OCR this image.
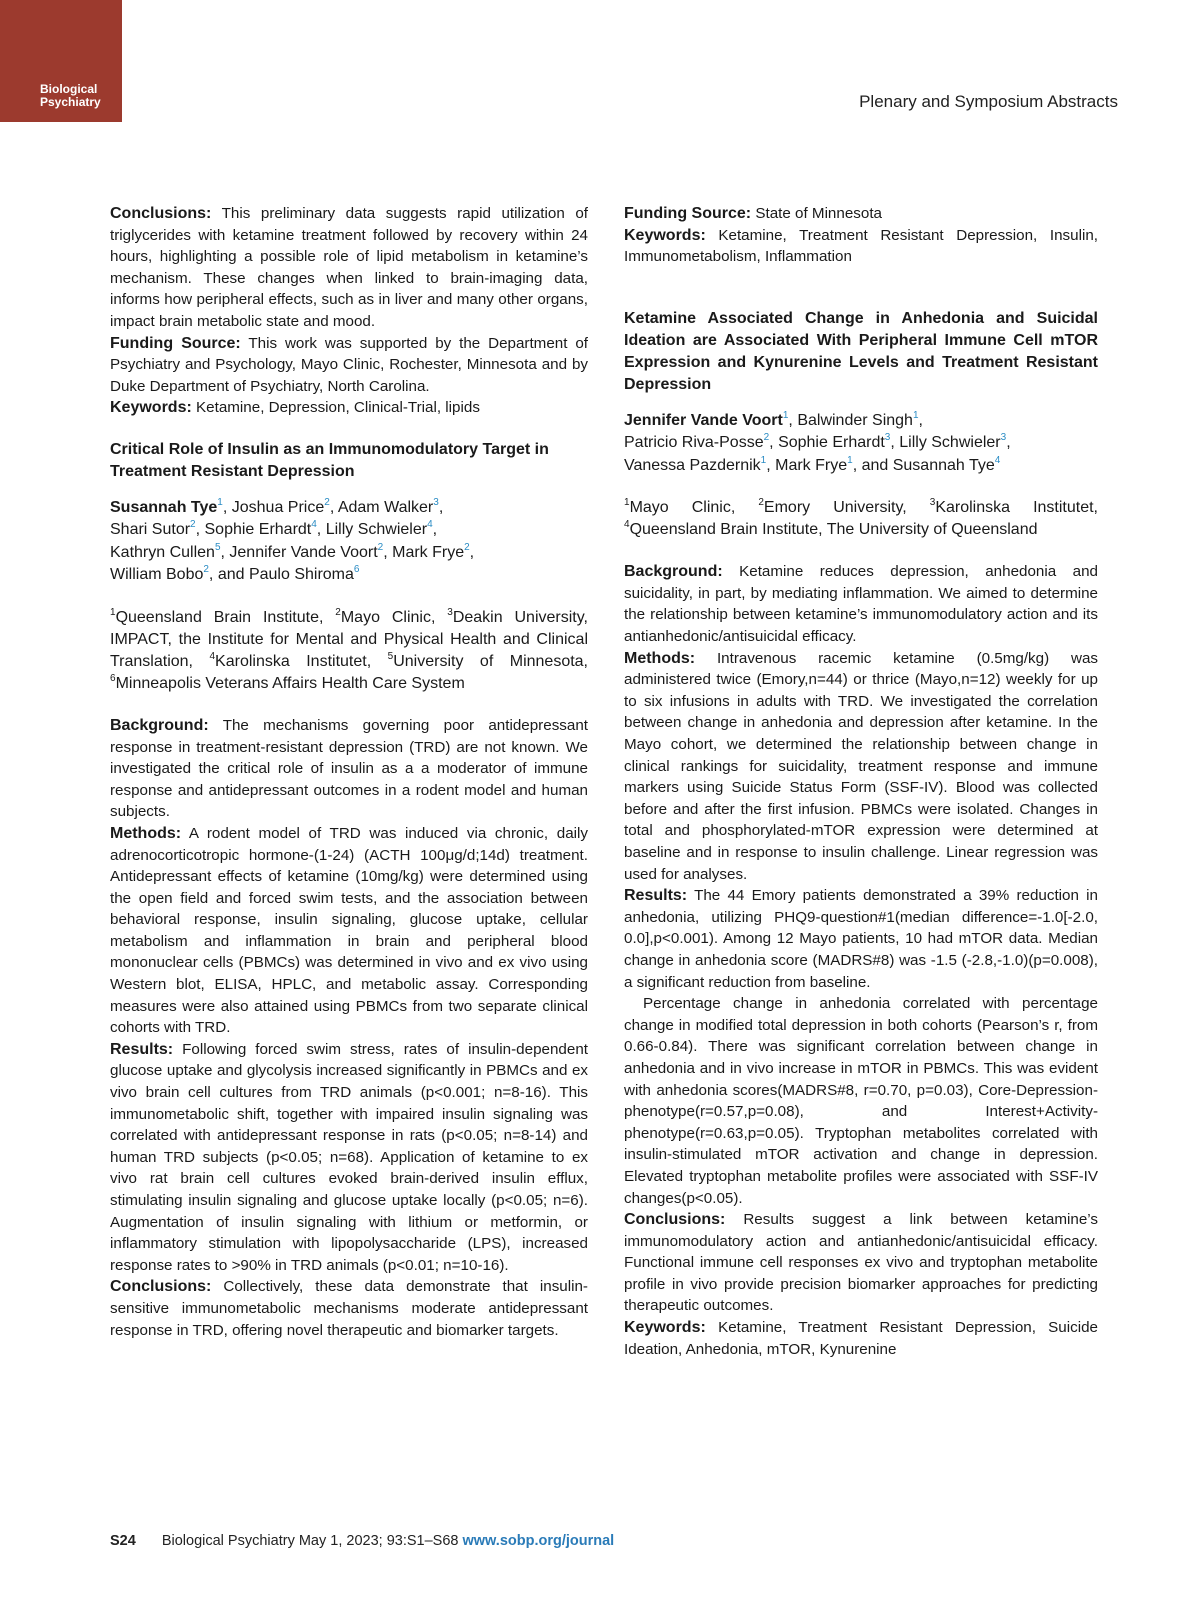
Biological
Psychiatry	Plenary and Symposium Abstracts

Conclusions: This preliminary data suggests rapid utilization of triglycerides with ketamine treatment followed by recovery within 24 hours, highlighting a possible role of lipid metabolism in ketamine’s mechanism. These changes when linked to brain-imaging data, informs how peripheral effects, such as in liver and many other organs, impact brain metabolic state and mood.

Funding Source: This work was supported by the Department of Psychiatry and Psychology, Mayo Clinic, Rochester, Minnesota and by Duke Department of Psychiatry, North Carolina.

Keywords: Ketamine, Depression, Clinical-Trial, lipids

Critical Role of Insulin as an Immunomodulatory Target in Treatment Resistant Depression

Susannah Tye$^1$, Joshua Price$^2$, Adam Walker$^3$,
Shari Sutor$^2$, Sophie Erhardt$^4$, Lilly Schwieler$^4$,
Kathryn Cullen$^5$, Jennifer Vande Voort$^2$, Mark Frye$^2$,
William Bobo$^2$, and Paulo Shiroma$^6$

$^1$Queensland Brain Institute, $^2$Mayo Clinic, $^3$Deakin University, IMPACT, the Institute for Mental and Physical Health and Clinical Translation, $^4$Karolinska Institutet, $^5$University of Minnesota, $^6$Minneapolis Veterans Affairs Health Care System

Background: The mechanisms governing poor antidepressant response in treatment-resistant depression (TRD) are not known. We investigated the critical role of insulin as a a moderator of immune response and antidepressant outcomes in a rodent model and human subjects.

Methods: A rodent model of TRD was induced via chronic, daily adrenocorticotropic hormone-(1-24) (ACTH 100μg/d;14d) treatment. Antidepressant effects of ketamine (10mg/kg) were determined using the open field and forced swim tests, and the association between behavioral response, insulin signaling, glucose uptake, cellular metabolism and inflammation in brain and peripheral blood mononuclear cells (PBMCs) was determined in vivo and ex vivo using Western blot, ELISA, HPLC, and metabolic assay. Corresponding measures were also attained using PBMCs from two separate clinical cohorts with TRD.

Results: Following forced swim stress, rates of insulin-dependent glucose uptake and glycolysis increased significantly in PBMCs and ex vivo brain cell cultures from TRD animals (p<0.001; n=8-16). This immunometabolic shift, together with impaired insulin signaling was correlated with antidepressant response in rats (p<0.05; n=8-14) and human TRD subjects (p<0.05; n=68). Application of ketamine to ex vivo rat brain cell cultures evoked brain-derived insulin efflux, stimulating insulin signaling and glucose uptake locally (p<0.05; n=6). Augmentation of insulin signaling with lithium or metformin, or inflammatory stimulation with lipopolysaccharide (LPS), increased response rates to >90% in TRD animals (p<0.01; n=10-16).

Conclusions: Collectively, these data demonstrate that insulin-sensitive immunometabolic mechanisms moderate antidepressant response in TRD, offering novel therapeutic and biomarker targets.

Funding Source: State of Minnesota

Keywords: Ketamine, Treatment Resistant Depression, Insulin, Immunometabolism, Inflammation

Ketamine Associated Change in Anhedonia and Suicidal Ideation are Associated With Peripheral Immune Cell mTOR Expression and Kynurenine Levels and Treatment Resistant Depression

Jennifer Vande Voort$^1$, Balwinder Singh$^1$,
Patricio Riva-Posse$^2$, Sophie Erhardt$^3$, Lilly Schwieler$^3$,
Vanessa Pazdernik$^1$, Mark Frye$^1$, and Susannah Tye$^4$

$^1$Mayo Clinic, $^2$Emory University, $^3$Karolinska Institutet, $^4$Queensland Brain Institute, The University of Queensland

Background: Ketamine reduces depression, anhedonia and suicidality, in part, by mediating inflammation. We aimed to determine the relationship between ketamine’s immunomodulatory action and its antianhedonic/antisuicidal efficacy.

Methods: Intravenous racemic ketamine (0.5mg/kg) was administered twice (Emory,n=44) or thrice (Mayo,n=12) weekly for up to six infusions in adults with TRD. We investigated the correlation between change in anhedonia and depression after ketamine. In the Mayo cohort, we determined the relationship between change in clinical rankings for suicidality, treatment response and immune markers using Suicide Status Form (SSF-IV). Blood was collected before and after the first infusion. PBMCs were isolated. Changes in total and phosphorylated-mTOR expression were determined at baseline and in response to insulin challenge. Linear regression was used for analyses.

Results: The 44 Emory patients demonstrated a 39% reduction in anhedonia, utilizing PHQ9-question#1(median difference=-1.0[-2.0, 0.0],p<0.001). Among 12 Mayo patients, 10 had mTOR data. Median change in anhedonia score (MADRS#8) was -1.5 (-2.8,-1.0)(p=0.008), a significant reduction from baseline.

Percentage change in anhedonia correlated with percentage change in modified total depression in both cohorts (Pearson’s r, from 0.66-0.84). There was significant correlation between change in anhedonia and in vivo increase in mTOR in PBMCs. This was evident with anhedonia scores(MADRS#8, r=0.70, p=0.03), Core-Depression-phenotype(r=0.57,p=0.08), and Interest+Activity-phenotype(r=0.63,p=0.05). Tryptophan metabolites correlated with insulin-stimulated mTOR activation and change in depression. Elevated tryptophan metabolite profiles were associated with SSF-IV changes(p<0.05).

Conclusions: Results suggest a link between ketamine’s immunomodulatory action and antianhedonic/antisuicidal efficacy. Functional immune cell responses ex vivo and tryptophan metabolite profile in vivo provide precision biomarker approaches for predicting therapeutic outcomes.

Keywords: Ketamine, Treatment Resistant Depression, Suicide Ideation, Anhedonia, mTOR, Kynurenine

S24 Biological Psychiatry May 1, 2023; 93:S1–S68 www.sobp.org/journal
